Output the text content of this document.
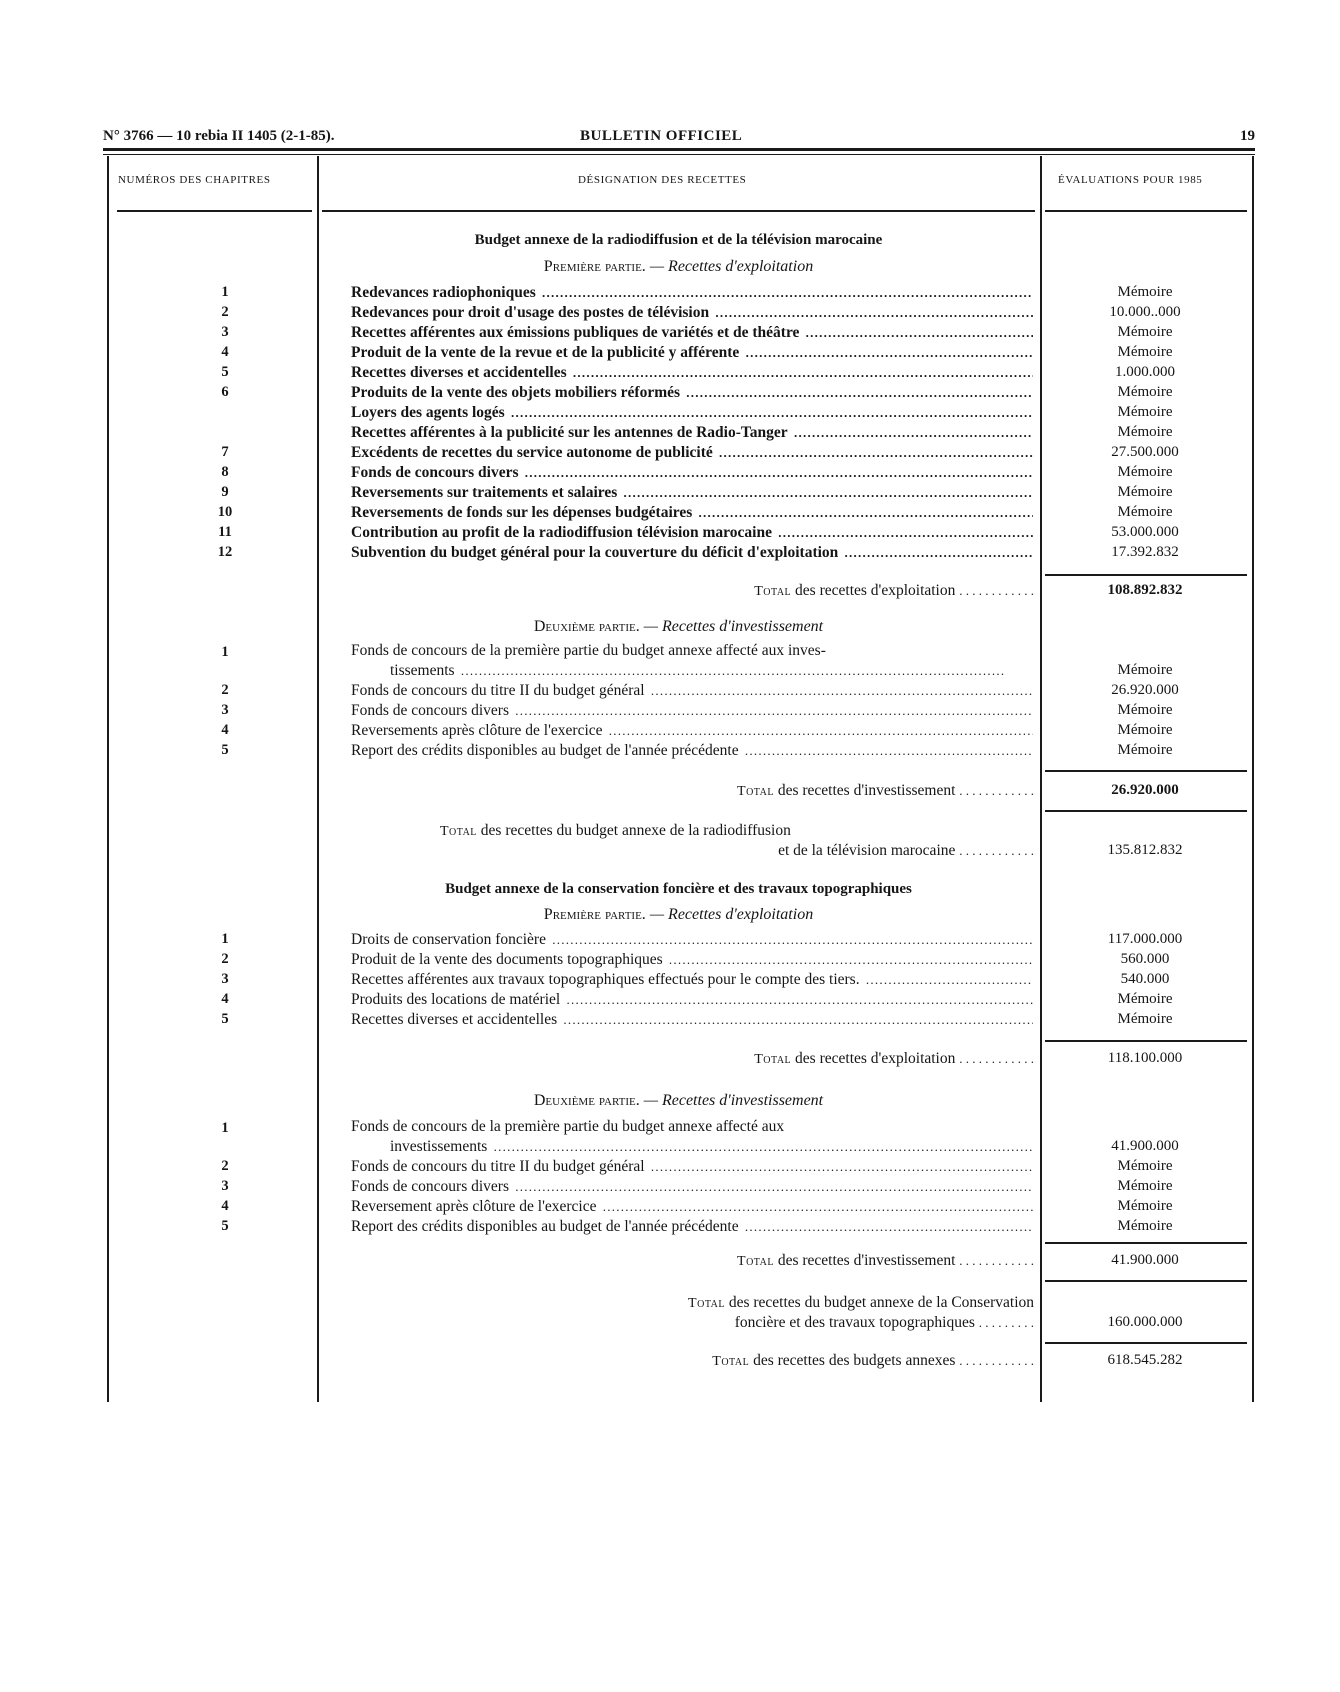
N° 3766 — 10 rebia II 1405 (2-1-85).	BULLETIN OFFICIEL	19
NUMÉROS DES CHAPITRES	DÉSIGNATION DES RECETTES	ÉVALUATIONS POUR 1985
Budget annexe de la radiodiffusion et de la télévision marocaine
Première partie. — Recettes d'exploitation
1	Redevances radiophoniques . . .	Mémoire
2	Redevances pour droit d'usage des postes de télévision . . .	10.000..000
3	Recettes afférentes aux émissions publiques de variétés et de théâtre . . .	Mémoire
4	Produit de la vente de la revue et de la publicité y afférente . . .	Mémoire
5	Recettes diverses et accidentelles . . .	1.000.000
6	Produits de la vente des objets mobiliers réformés . . .	Mémoire
Loyers des agents logés . . .	Mémoire
Recettes afférentes à la publicité sur les antennes de Radio-Tanger . . .	Mémoire
7	Excédents de recettes du service autonome de publicité . . .	27.500.000
8	Fonds de concours divers . . .	Mémoire
9	Reversements sur traitements et salaires . . .	Mémoire
10	Reversements de fonds sur les dépenses budgétaires . . .	Mémoire
11	Contribution au profit de la radiodiffusion télévision marocaine . . .	53.000.000
12	Subvention du budget général pour la couverture du déficit d'exploitation . . .	17.392.832
Total des recettes d'exploitation . . . . . . . . . . . .	108.892.832
Deuxième partie. — Recettes d'investissement
1	Fonds de concours de la première partie du budget annexe affecté aux inves-
tissements . . .	Mémoire
2	Fonds de concours du titre II du budget général . . .	26.920.000
3	Fonds de concours divers . . .	Mémoire
4	Reversements après clôture de l'exercice . . .	Mémoire
5	Report des crédits disponibles au budget de l'année précédente . . .	Mémoire
Total des recettes d'investissement . . . . . . . . . . . .	26.920.000
Total des recettes du budget annexe de la radiodiffusion
et de la télévision marocaine . . . . . . . . . . . .	135.812.832
Budget annexe de la conservation foncière et des travaux topographiques
Première partie. — Recettes d'exploitation
1	Droits de conservation foncière . . .	117.000.000
2	Produit de la vente des documents topographiques . . .	560.000
3	Recettes afférentes aux travaux topographiques effectués pour le compte des tiers. . . .	540.000
4	Produits des locations de matériel . . .	Mémoire
5	Recettes diverses et accidentelles . . .	Mémoire
Total des recettes d'exploitation . . . . . . . . . . . .	118.100.000
Deuxième partie. — Recettes d'investissement
1	Fonds de concours de la première partie du budget annexe affecté aux
investissements . . .	41.900.000
2	Fonds de concours du titre II du budget général . . .	Mémoire
3	Fonds de concours divers . . .	Mémoire
4	Reversement après clôture de l'exercice . . .	Mémoire
5	Report des crédits disponibles au budget de l'année précédente . . .	Mémoire
Total des recettes d'investissement . . . . . . . . . . . .	41.900.000
Total des recettes du budget annexe de la Conservation
foncière et des travaux topographiques . . . . . . . . .	160.000.000
Total des recettes des budgets annexes . . . . . . . . . . . .	618.545.282
